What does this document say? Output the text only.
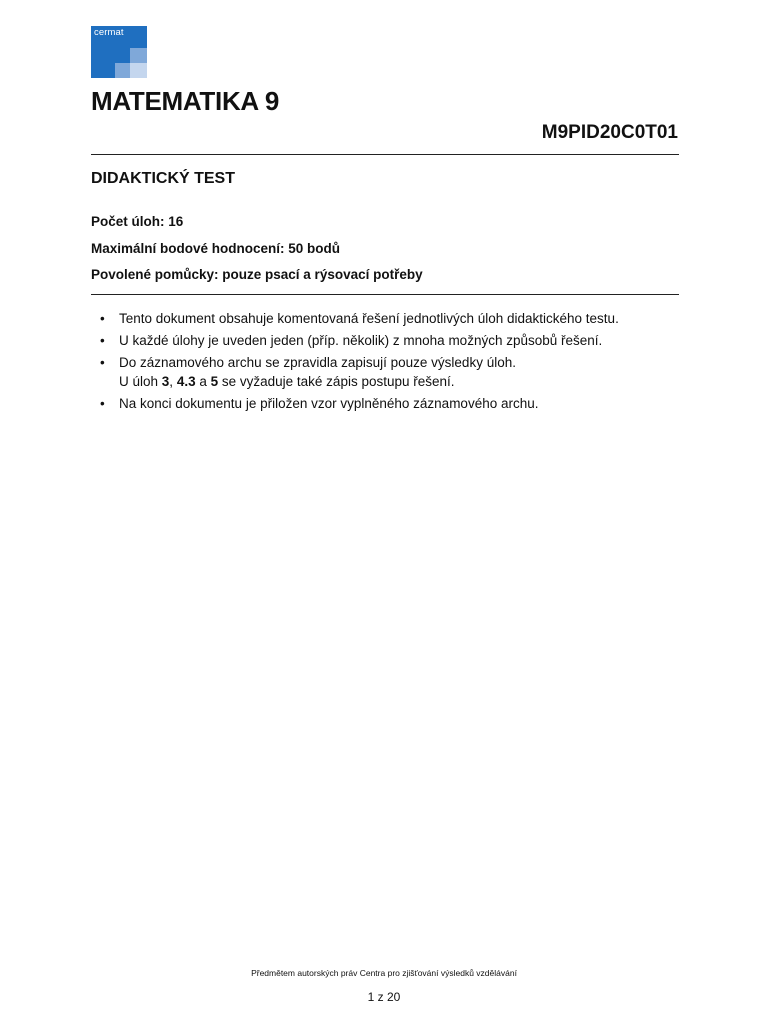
cermat
MATEMATIKA 9
M9PID20C0T01
DIDAKTICKÝ TEST
Počet úloh: 16
Maximální bodové hodnocení: 50 bodů
Povolené pomůcky: pouze psací a rýsovací potřeby
• Tento dokument obsahuje komentovaná řešení jednotlivých úloh didaktického testu.
• U každé úlohy je uveden jeden (příp. několik) z mnoha možných způsobů řešení.
• Do záznamového archu se zpravidla zapisují pouze výsledky úloh.
U úloh 3, 4.3 a 5 se vyžaduje také zápis postupu řešení.
• Na konci dokumentu je přiložen vzor vyplněného záznamového archu.
Předmětem autorských práv Centra pro zjišťování výsledků vzdělávání
1 z 20
